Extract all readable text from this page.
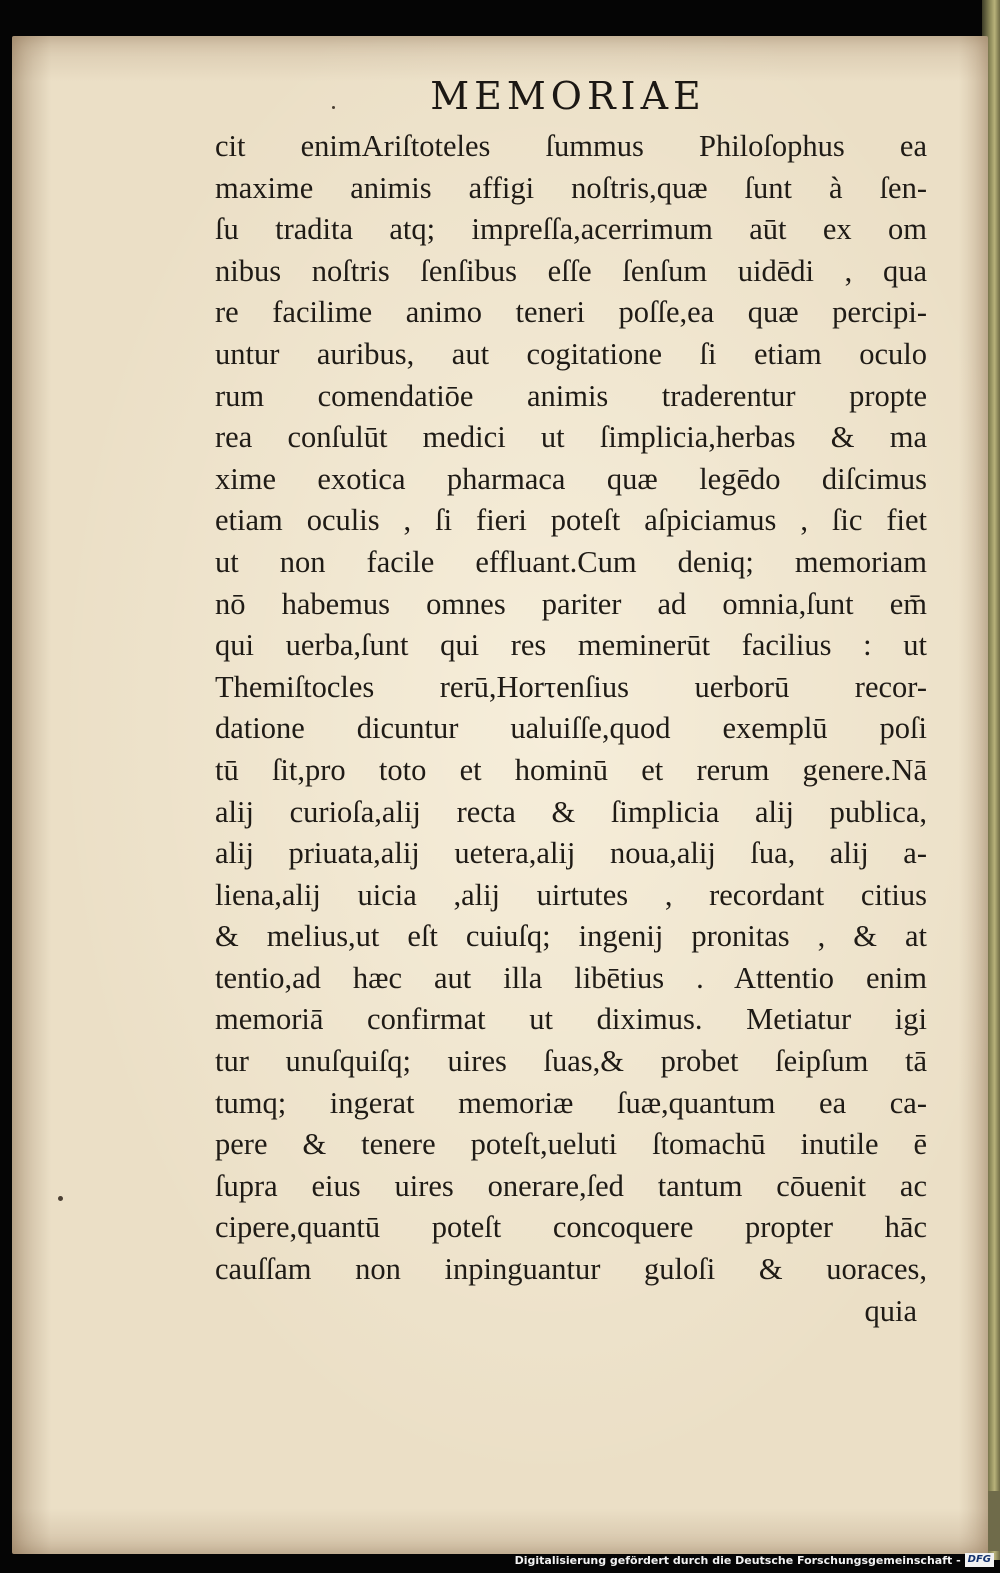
MEMORIAE
cit enimAriſtoteles ſummus Philoſophus ea
maxime animis affigi noſtris,quæ ſunt à ſen-
ſu tradita atq; impreſſa,acerrimum aūt ex om
nibus noſtris ſenſibus eſſe ſenſum uidēdi , qua
re facilime animo teneri poſſe,ea quæ percipi-
untur auribus, aut cogitatione ſi etiam oculo
rum comendatiōe animis traderentur propte
rea conſulūt medici ut ſimplicia,herbas & ma
xime exotica pharmaca quæ legēdo diſcimus
etiam oculis , ſi fieri poteſt aſpiciamus , ſic fiet
ut non facile effluant.Cum deniq; memoriam
nō habemus omnes pariter ad omnia,ſunt em̄
qui uerba,ſunt qui res meminerūt facilius : ut
Themiſtocles rerū,Horτenſius uerborū recor-
datione dicuntur ualuiſſe,quod exemplū poſi
tū ſit,pro toto et hominū et rerum genere.Nā
alij curioſa,alij recta & ſimplicia alij publica,
alij priuata,alij uetera,alij noua,alij ſua, alij a-
liena,alij uicia ,alij uirtutes , recordant citius
& melius,ut eſt cuiuſq; ingenij pronitas , & at
tentio,ad hæc aut illa libētius . Attentio enim
memoriā confirmat ut diximus. Metiatur igi
tur unuſquiſq; uires ſuas,& probet ſeipſum tā
tumq; ingerat memoriæ ſuæ,quantum ea ca-
pere & tenere poteſt,ueluti ſtomachū inutile ē
ſupra eius uires onerare,ſed tantum cōuenit ac
cipere,quantū poteſt concoquere propter hāc
cauſſam non inpinguantur guloſi & uoraces,
quia
Digitalisierung gefördert durch die Deutsche Forschungsgemeinschaft - DFG
